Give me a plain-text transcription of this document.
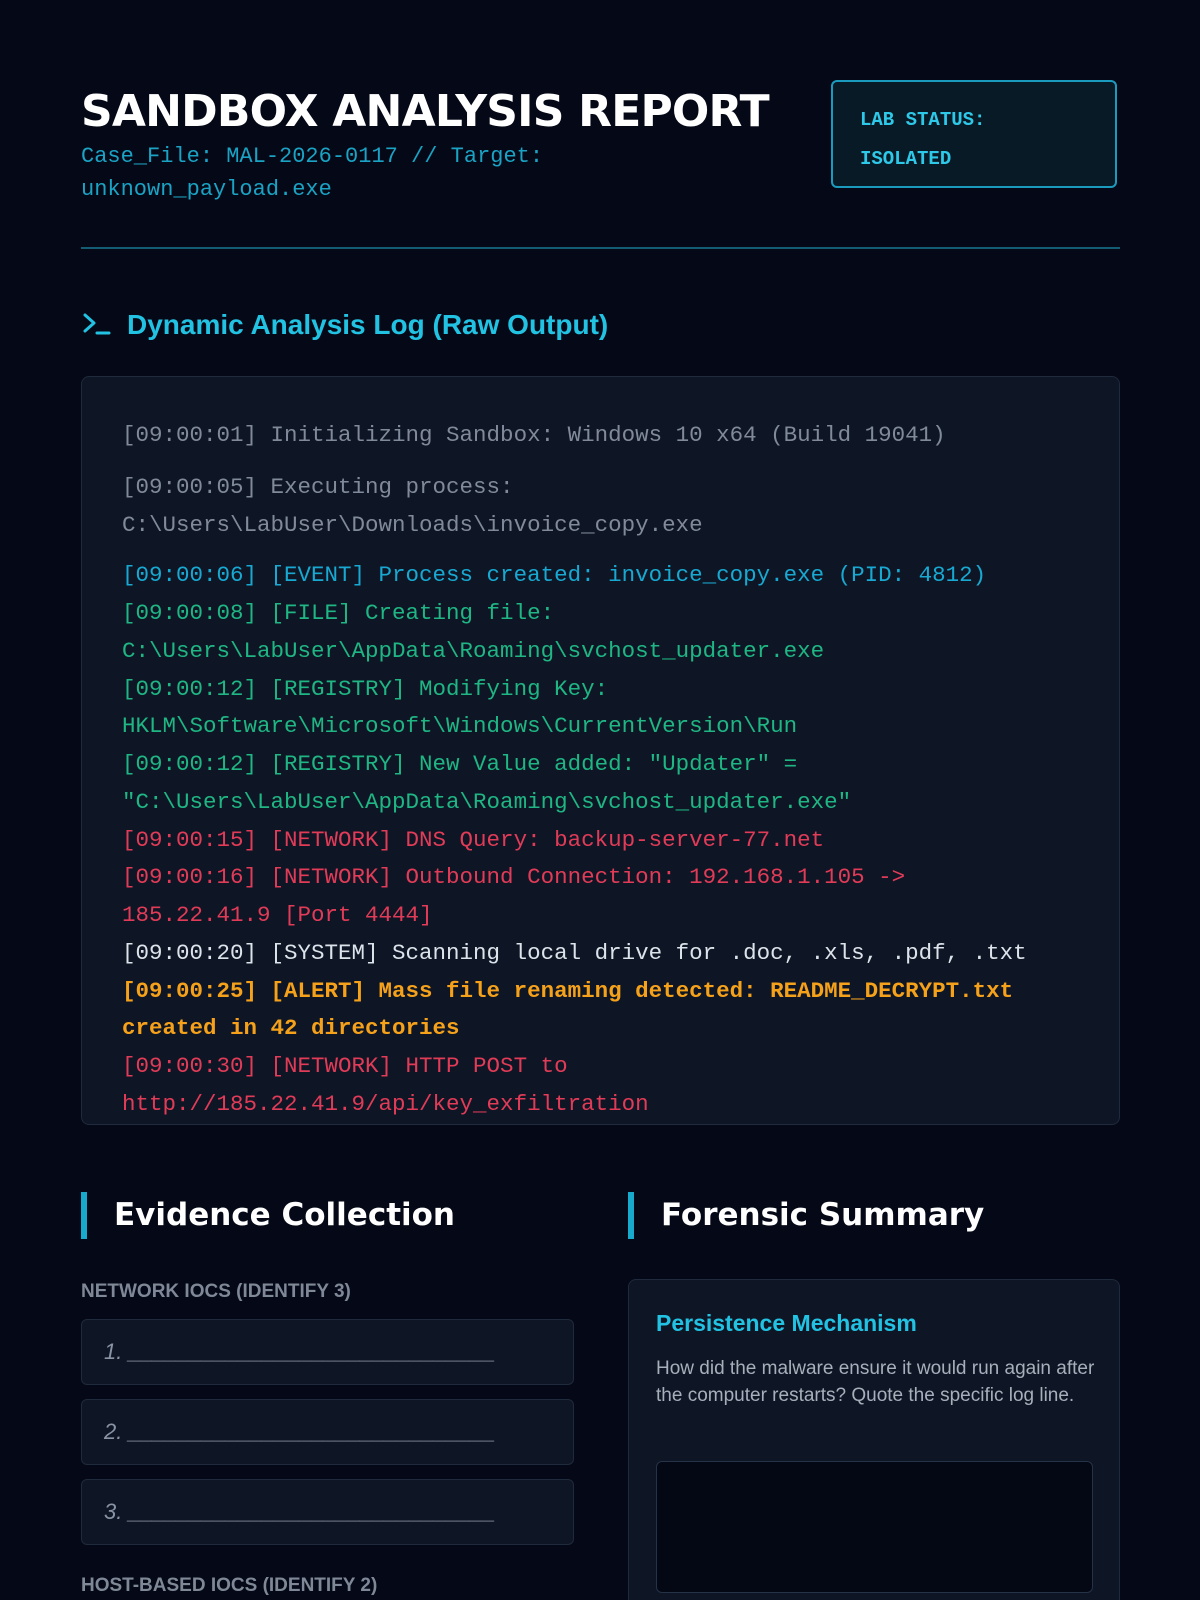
SANDBOX ANALYSIS REPORT
Case_File: MAL-2026-0117 // Target:
unknown_payload.exe
LAB STATUS:
ISOLATED
Dynamic Analysis Log (Raw Output)
[09:00:01] Initializing Sandbox: Windows 10 x64 (Build 19041)
[09:00:05] Executing process:
C:\Users\LabUser\Downloads\invoice_copy.exe
[09:00:06] [EVENT] Process created: invoice_copy.exe (PID: 4812)
[09:00:08] [FILE] Creating file:
C:\Users\LabUser\AppData\Roaming\svchost_updater.exe
[09:00:12] [REGISTRY] Modifying Key:
HKLM\Software\Microsoft\Windows\CurrentVersion\Run
[09:00:12] [REGISTRY] New Value added: "Updater" =
"C:\Users\LabUser\AppData\Roaming\svchost_updater.exe"
[09:00:15] [NETWORK] DNS Query: backup-server-77.net
[09:00:16] [NETWORK] Outbound Connection: 192.168.1.105 ->
185.22.41.9 [Port 4444]
[09:00:20] [SYSTEM] Scanning local drive for .doc, .xls, .pdf, .txt
[09:00:25] [ALERT] Mass file renaming detected: README_DECRYPT.txt
created in 42 directories
[09:00:30] [NETWORK] HTTP POST to
http://185.22.41.9/api/key_exfiltration
Evidence Collection
NETWORK IOCS (IDENTIFY 3)
1. ______________________________
2. ______________________________
3. ______________________________
HOST-BASED IOCS (IDENTIFY 2)
Forensic Summary
Persistence Mechanism

How did the malware ensure it would run again after the computer restarts? Quote the specific log line.
